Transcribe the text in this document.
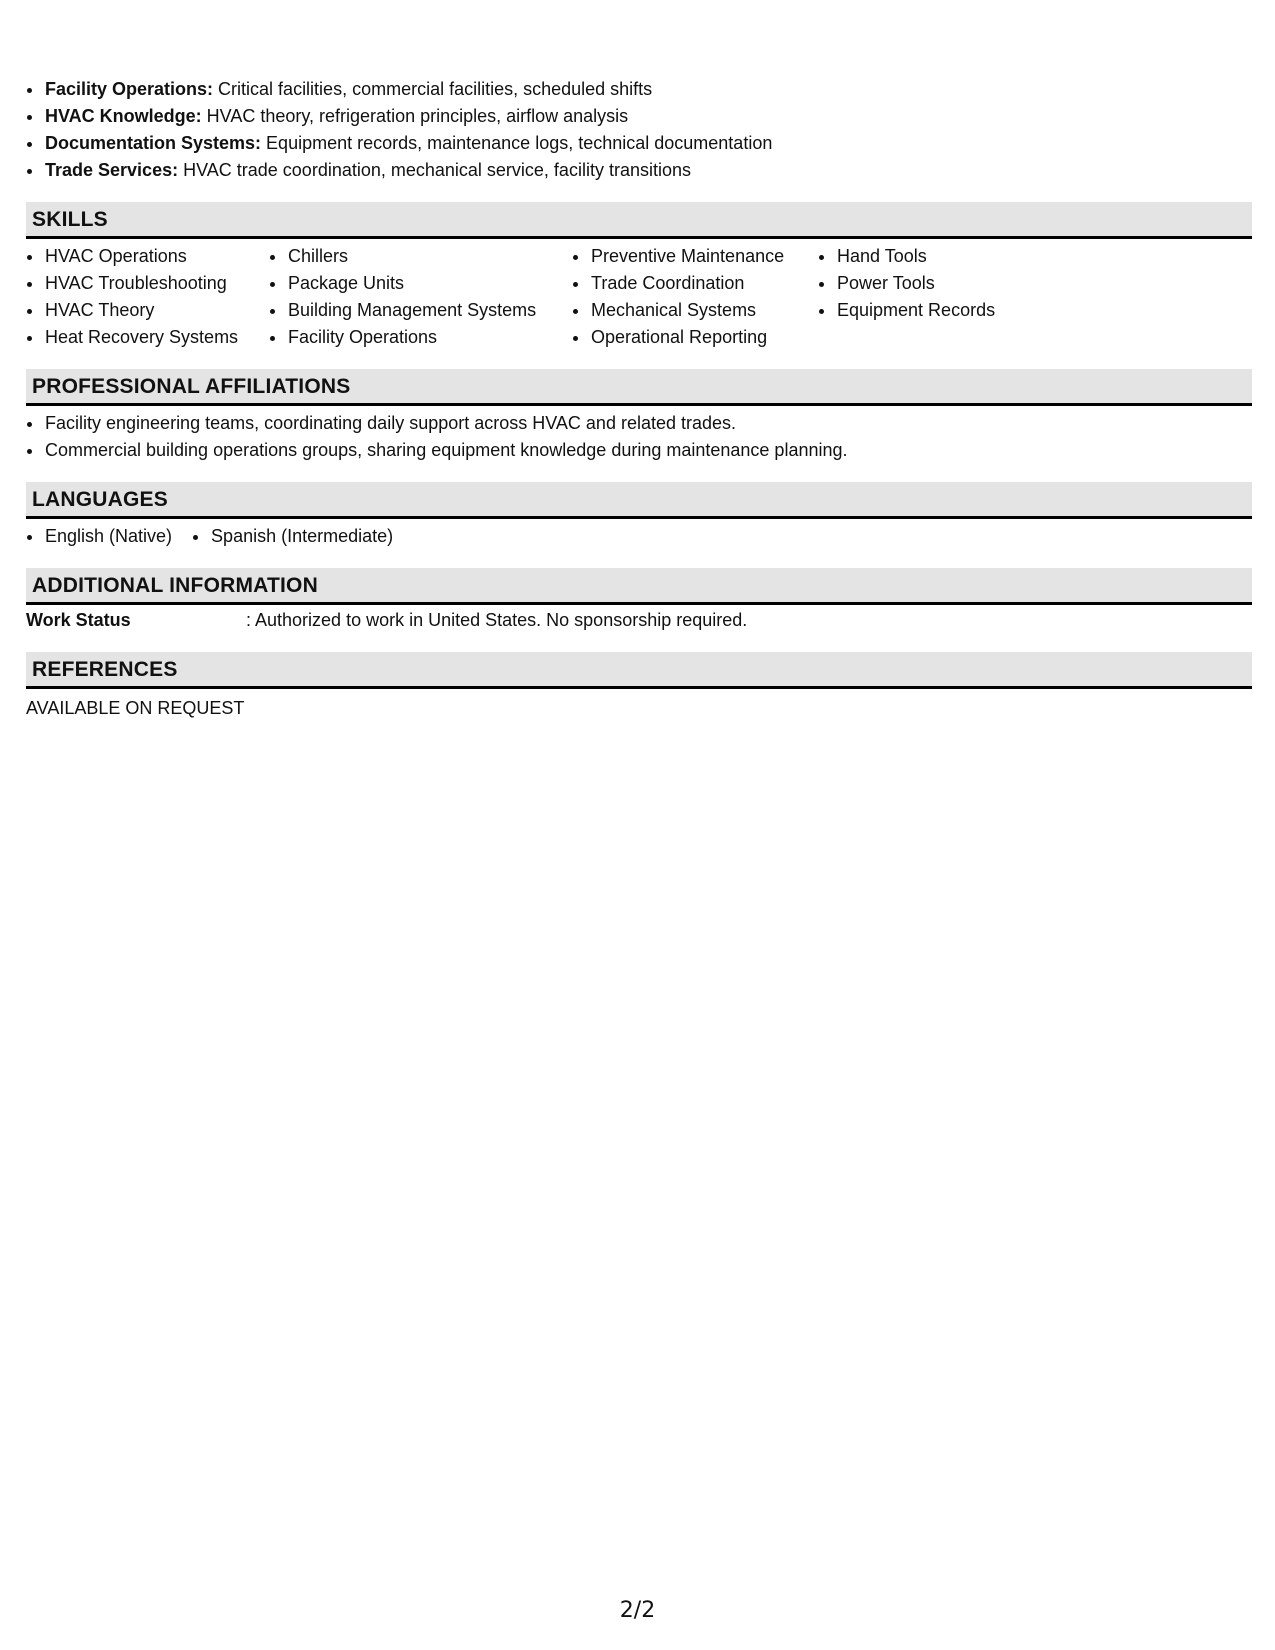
• Facility Operations: Critical facilities, commercial facilities, scheduled shifts
• HVAC Knowledge: HVAC theory, refrigeration principles, airflow analysis
• Documentation Systems: Equipment records, maintenance logs, technical documentation
• Trade Services: HVAC trade coordination, mechanical service, facility transitions
SKILLS
• HVAC Operations
• HVAC Troubleshooting
• HVAC Theory
• Heat Recovery Systems
• Chillers
• Package Units
• Building Management Systems
• Facility Operations
• Preventive Maintenance
• Trade Coordination
• Mechanical Systems
• Operational Reporting
• Hand Tools
• Power Tools
• Equipment Records
PROFESSIONAL AFFILIATIONS
• Facility engineering teams, coordinating daily support across HVAC and related trades.
• Commercial building operations groups, sharing equipment knowledge during maintenance planning.
LANGUAGES
• English (Native)
• Spanish (Intermediate)
ADDITIONAL INFORMATION
Work Status	: Authorized to work in United States. No sponsorship required.
REFERENCES
AVAILABLE ON REQUEST
2/2
